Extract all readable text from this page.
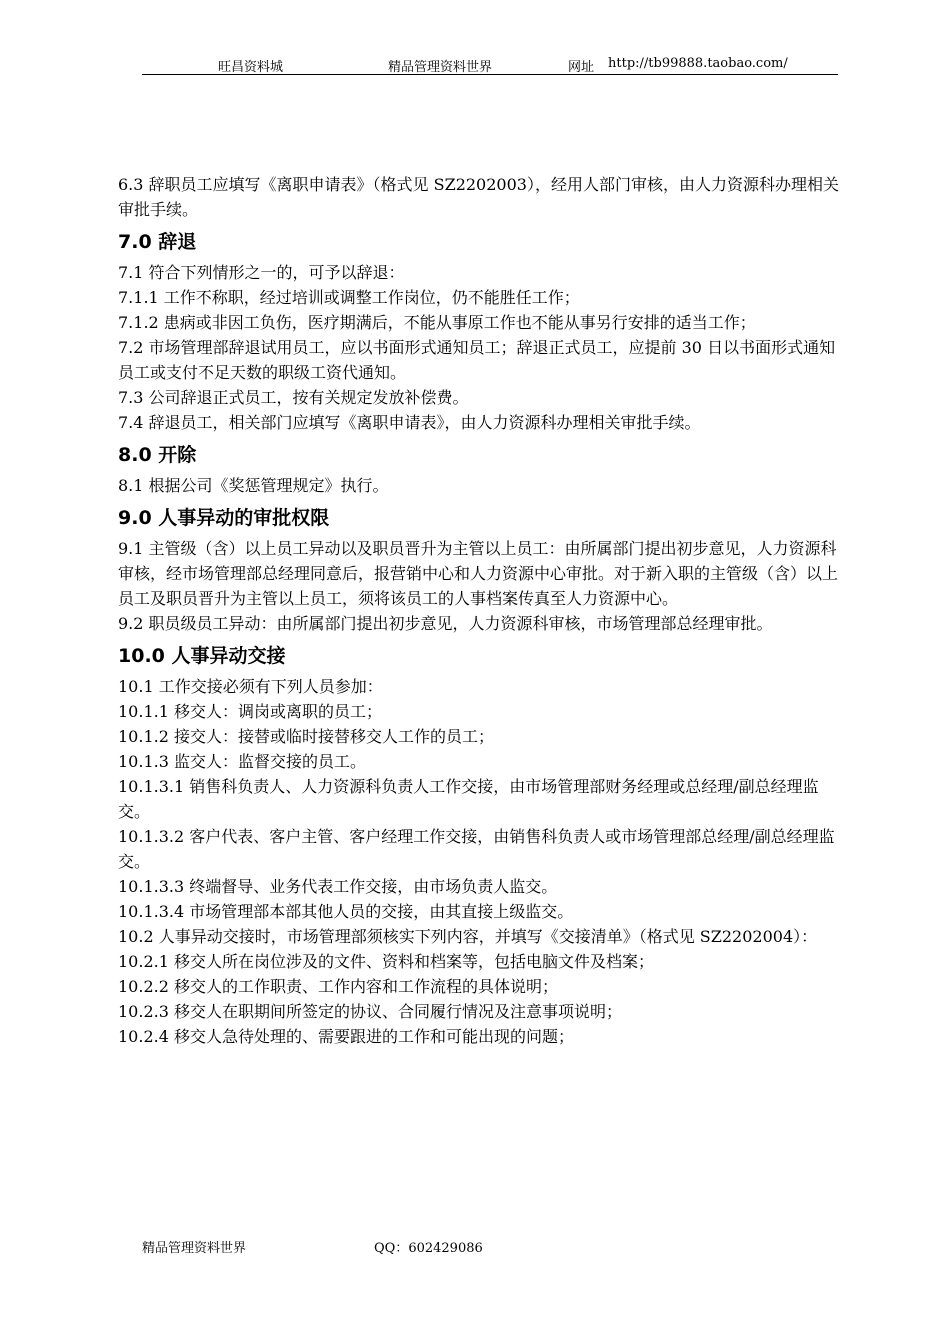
旺昌资料城	精品管理资料世界	网址 http://tb99888.taobao.com/

6.3 辞职员工应填写《离职申请表》（格式见 SZ2202003），经用人部门审核，由人力资源科办理相关审批手续。

7.0 辞退

7.1 符合下列情形之一的，可予以辞退：

7.1.1 工作不称职，经过培训或调整工作岗位，仍不能胜任工作；

7.1.2 患病或非因工负伤，医疗期满后，不能从事原工作也不能从事另行安排的适当工作；

7.2 市场管理部辞退试用员工，应以书面形式通知员工；辞退正式员工，应提前 30 日以书面形式通知员工或支付不足天数的职级工资代通知。

7.3 公司辞退正式员工，按有关规定发放补偿费。

7.4 辞退员工，相关部门应填写《离职申请表》，由人力资源科办理相关审批手续。

8.0 开除

8.1 根据公司《奖惩管理规定》执行。

9.0 人事异动的审批权限

9.1 主管级（含）以上员工异动以及职员晋升为主管以上员工：由所属部门提出初步意见，人力资源科审核，经市场管理部总经理同意后，报营销中心和人力资源中心审批。对于新入职的主管级（含）以上员工及职员晋升为主管以上员工，须将该员工的人事档案传真至人力资源中心。

9.2 职员级员工异动：由所属部门提出初步意见，人力资源科审核，市场管理部总经理审批。

10.0 人事异动交接

10.1 工作交接必须有下列人员参加：

10.1.1 移交人：调岗或离职的员工；

10.1.2 接交人：接替或临时接替移交人工作的员工；

10.1.3 监交人：监督交接的员工。

10.1.3.1 销售科负责人、人力资源科负责人工作交接，由市场管理部财务经理或总经理/副总经理监交。

10.1.3.2 客户代表、客户主管、客户经理工作交接，由销售科负责人或市场管理部总经理/副总经理监交。

10.1.3.3 终端督导、业务代表工作交接，由市场负责人监交。

10.1.3.4 市场管理部本部其他人员的交接，由其直接上级监交。

10.2 人事异动交接时，市场管理部须核实下列内容，并填写《交接清单》（格式见 SZ2202004）：

10.2.1 移交人所在岗位涉及的文件、资料和档案等，包括电脑文件及档案；

10.2.2 移交人的工作职责、工作内容和工作流程的具体说明；

10.2.3 移交人在职期间所签定的协议、合同履行情况及注意事项说明；

10.2.4 移交人急待处理的、需要跟进的工作和可能出现的问题；

精品管理资料世界	QQ：602429086
